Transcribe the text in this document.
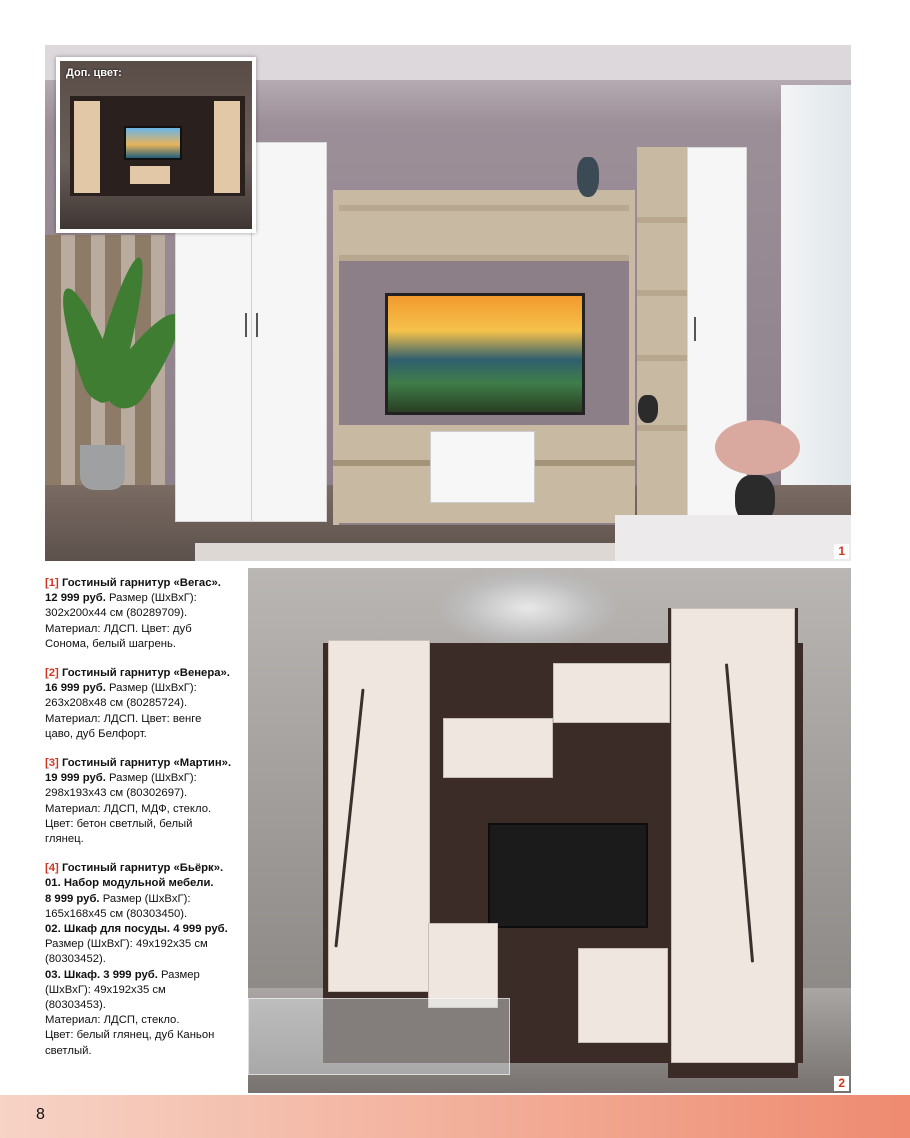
Доп. цвет:
1
2

[1] Гостиный гарнитур «Вегас».

12 999 руб. Размер (ШхВхГ):

302х200х44 см (80289709).

Материал: ЛДСП. Цвет: дуб

Сонома, белый шагрень.

[2] Гостиный гарнитур «Венера».

16 999 руб. Размер (ШхВхГ):

263х208х48 см (80285724).

Материал: ЛДСП. Цвет: венге

цаво, дуб Белфорт.

[3] Гостиный гарнитур «Мартин».

19 999 руб. Размер (ШхВхГ):

298х193х43 см (80302697).

Материал: ЛДСП, МДФ, стекло.

Цвет: бетон светлый, белый

глянец.

[4] Гостиный гарнитур «Бьёрк».

01. Набор модульной мебели.

8 999 руб. Размер (ШхВхГ):

165х168х45 см (80303450).

02. Шкаф для посуды. 4 999 руб.

Размер (ШхВхГ): 49х192х35 см

(80303452).

03. Шкаф. 3 999 руб. Размер

(ШхВхГ): 49х192х35 см

(80303453).

Материал: ЛДСП, стекло.

Цвет: белый глянец, дуб Каньон

светлый.

8
